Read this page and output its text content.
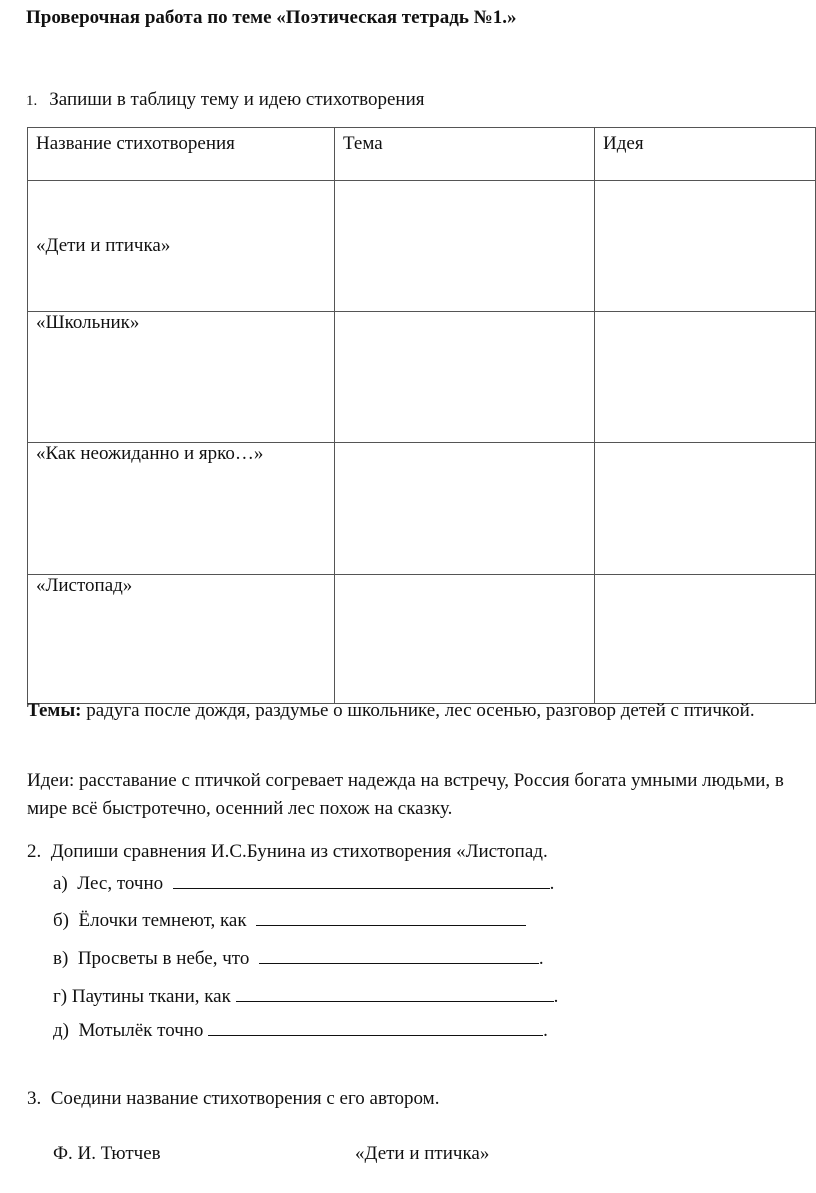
Проверочная работа по теме «Поэтическая тетрадь №1.»
1. Запиши в таблицу тему и идею стихотворения
Название стихотворения	Тема	Идея
«Дети и птичка»		
«Школьник»		
«Как неожиданно и ярко…»		
«Листопад»		
Темы: радуга после дождя, раздумье о школьнике, лес осенью, разговор детей с птичкой.
Идеи: расставание с птичкой согревает надежда на встречу, Россия богата умными людьми, в мире всё быстротечно, осенний лес похож на сказку.
2. Допиши сравнения И.С.Бунина из стихотворения «Листопад.
а) Лес, точно	.
б) Ёлочки темнеют, как
в) Просветы в небе, что	.
г) Паутины ткани, как	.
д) Мотылёк точно	.
3. Соедини название стихотворения с его автором.
Ф. И. Тютчев	«Дети и птичка»
